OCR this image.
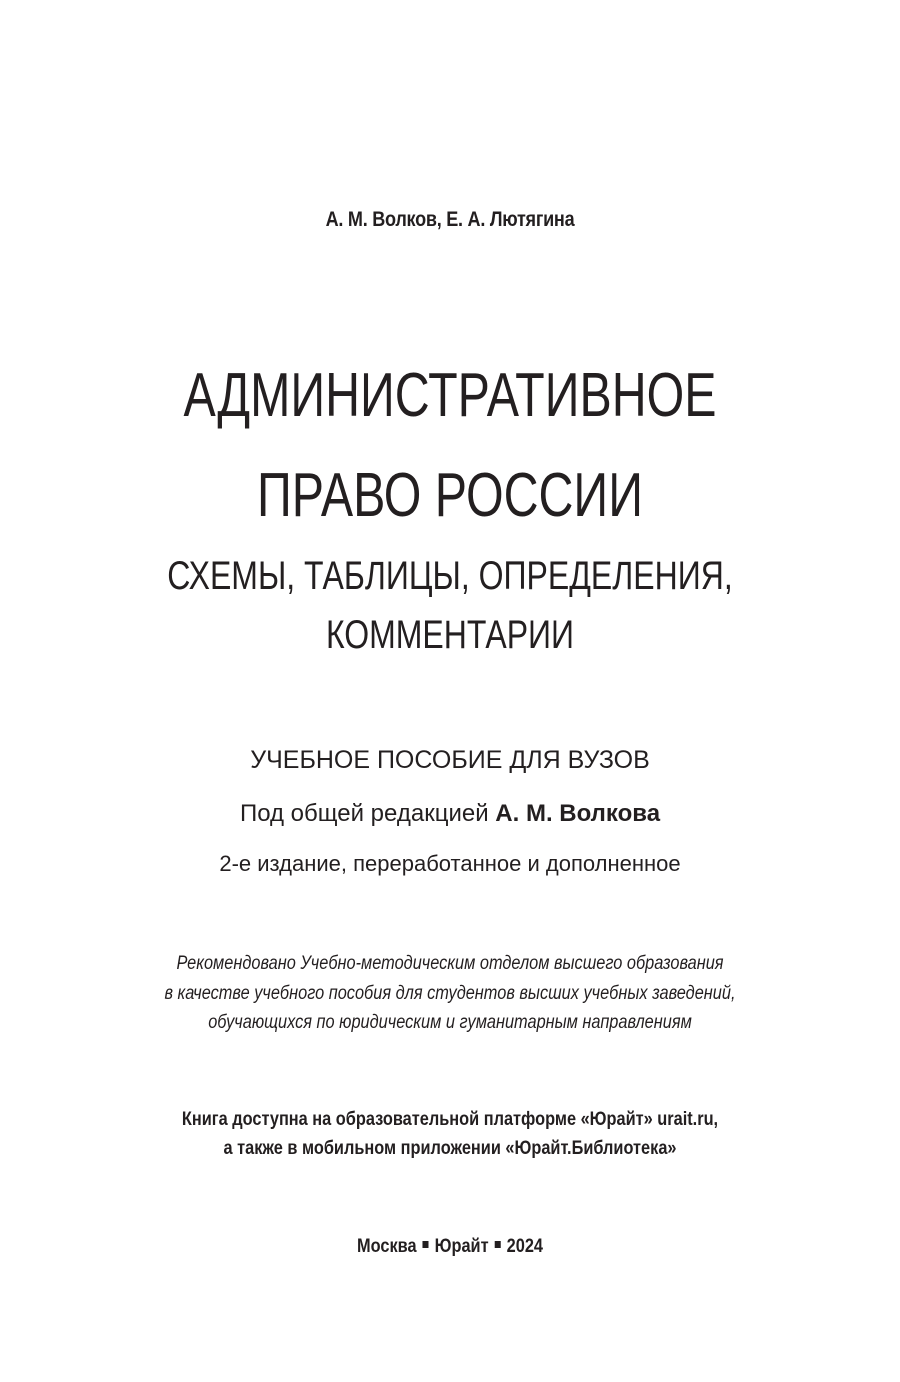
А. М. Волков, Е. А. Лютягина
АДМИНИСТРАТИВНОЕ
ПРАВО РОССИИ
СХЕМЫ, ТАБЛИЦЫ, ОПРЕДЕЛЕНИЯ,
КОММЕНТАРИИ
УЧЕБНОЕ ПОСОБИЕ ДЛЯ ВУЗОВ
Под общей редакцией А. М. Волкова
2-е издание, переработанное и дополненное
Рекомендовано Учебно-методическим отделом высшего образования
в качестве учебного пособия для студентов высших учебных заведений,
обучающихся по юридическим и гуманитарным направлениям
Книга доступна на образовательной платформе «Юрайт» urait.ru,
а также в мобильном приложении «Юрайт.Библиотека»
Москва Юрайт 2024
